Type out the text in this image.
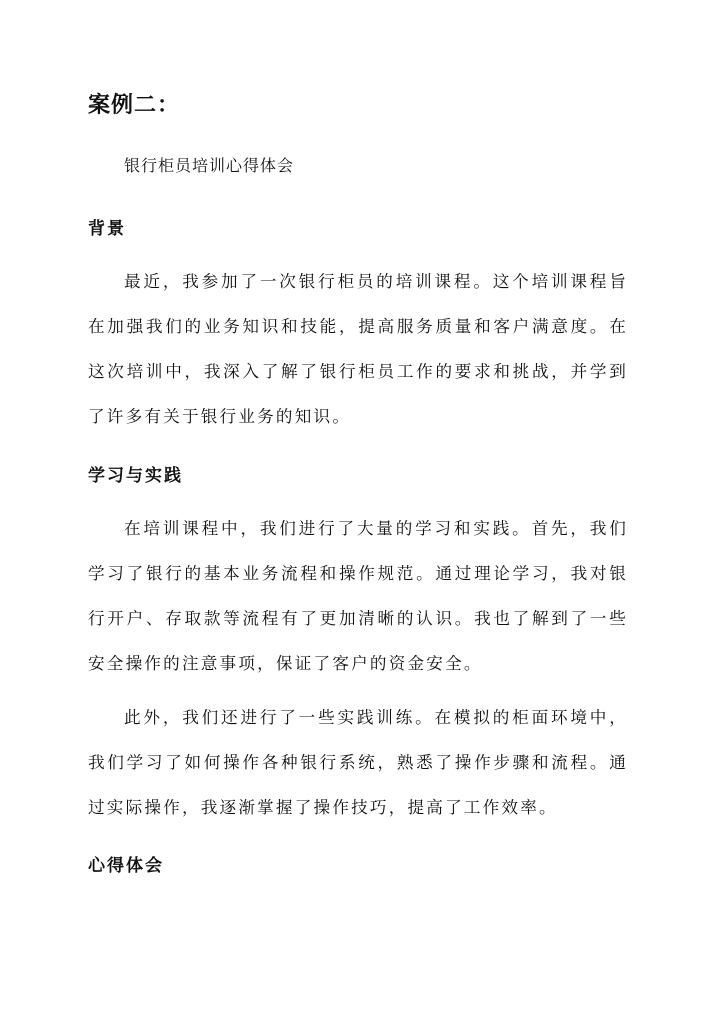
案例二：

银行柜员培训心得体会

背景

最近，我参加了一次银行柜员的培训课程。这个培训课程旨在加强我们的业务知识和技能，提高服务质量和客户满意度。在这次培训中，我深入了解了银行柜员工作的要求和挑战，并学到了许多有关于银行业务的知识。

学习与实践

在培训课程中，我们进行了大量的学习和实践。首先，我们学习了银行的基本业务流程和操作规范。通过理论学习，我对银行开户、存取款等流程有了更加清晰的认识。我也了解到了一些安全操作的注意事项，保证了客户的资金安全。

此外，我们还进行了一些实践训练。在模拟的柜面环境中，我们学习了如何操作各种银行系统，熟悉了操作步骤和流程。通过实际操作，我逐渐掌握了操作技巧，提高了工作效率。

心得体会
